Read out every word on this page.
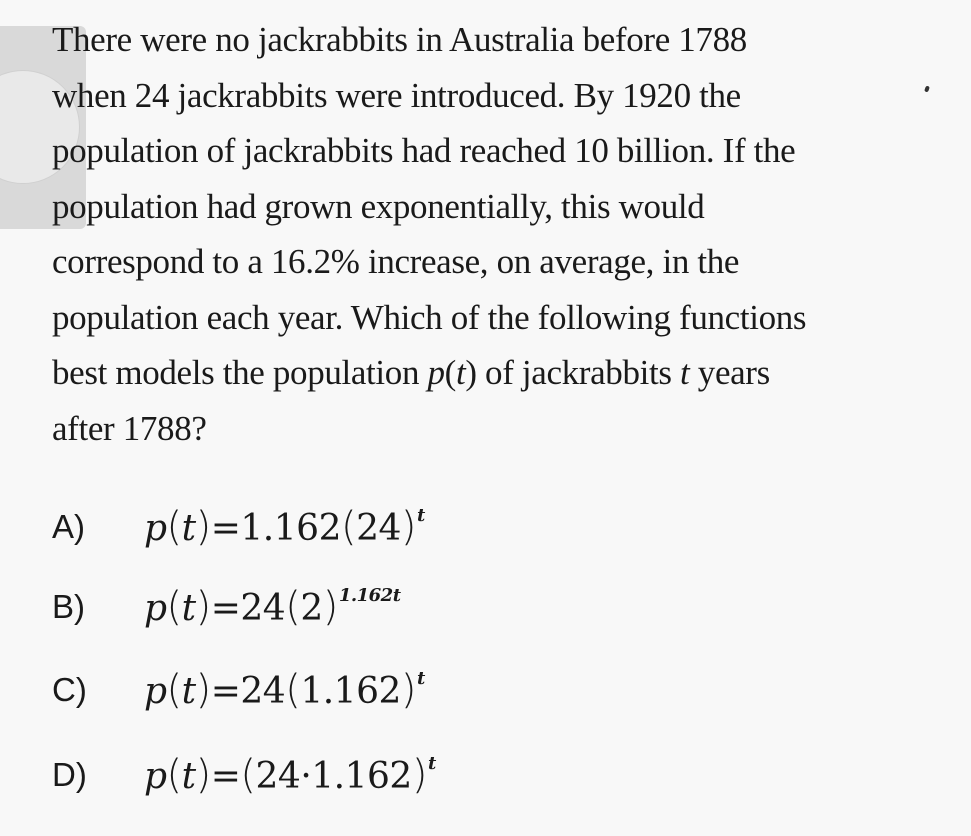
There were no jackrabbits in Australia before 1788
when 24 jackrabbits were introduced. By 1920 the
population of jackrabbits had reached 10 billion. If the
population had grown exponentially, this would
correspond to a 16.2% increase, on average, in the
population each year. Which of the following functions
best models the population p(t) of jackrabbits t years
after 1788?
A) $p(t)=1.162(24)^t$
B) $p(t)=24(2)^{1.162t}$
C) $p(t)=24(1.162)^t$
D) $p(t)=(24\cdot 1.162)^t$
